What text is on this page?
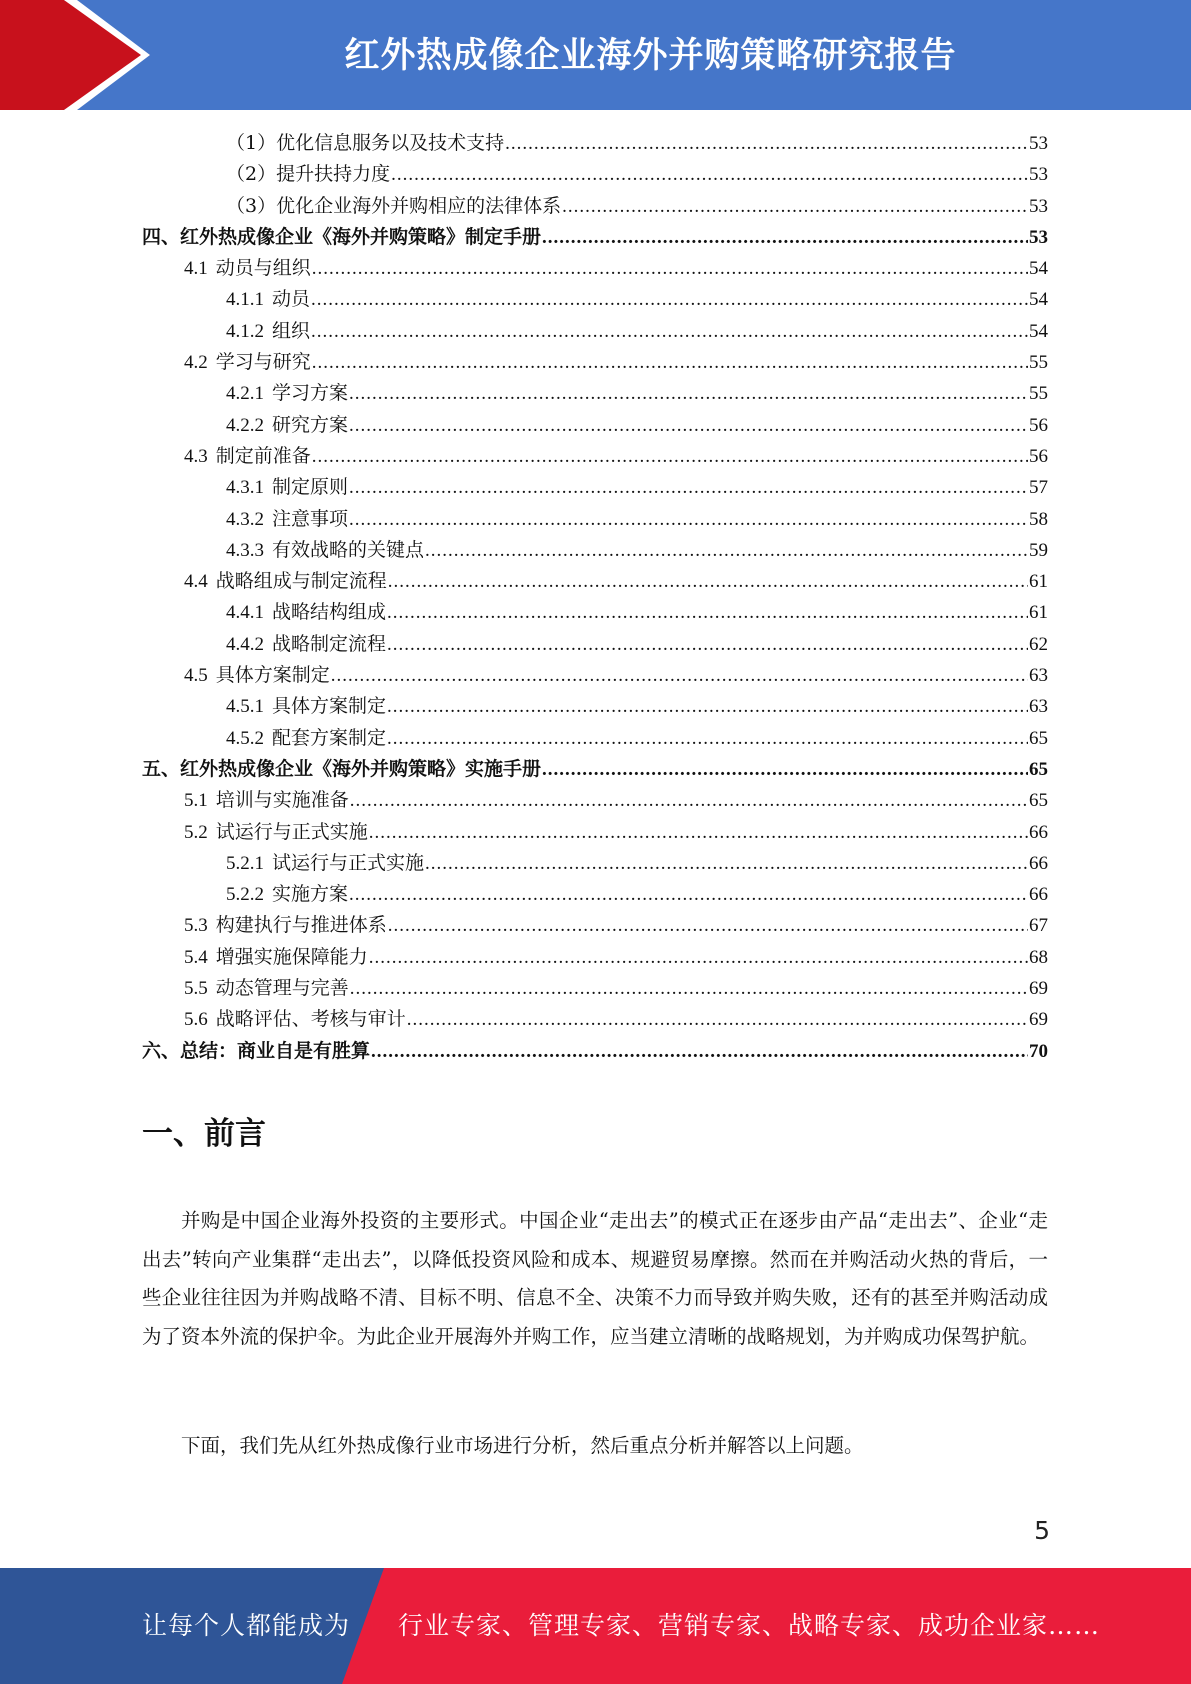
红外热成像企业海外并购策略研究报告
（1）优化信息服务以及技术支持 .....	53
（2）提升扶持力度 .....	53
（3）优化企业海外并购相应的法律体系 .....	53
四、红外热成像企业《海外并购策略》制定手册 .....	53
4.1 动员与组织 .....	54
4.1.1 动员 .....	54
4.1.2 组织 .....	54
4.2 学习与研究 .....	55
4.2.1 学习方案 .....	55
4.2.2 研究方案 .....	56
4.3 制定前准备 .....	56
4.3.1 制定原则 .....	57
4.3.2 注意事项 .....	58
4.3.3 有效战略的关键点 .....	59
4.4 战略组成与制定流程 .....	61
4.4.1 战略结构组成 .....	61
4.4.2 战略制定流程 .....	62
4.5 具体方案制定 .....	63
4.5.1 具体方案制定 .....	63
4.5.2 配套方案制定 .....	65
五、红外热成像企业《海外并购策略》实施手册 .....	65
5.1 培训与实施准备 .....	65
5.2 试运行与正式实施 .....	66
5.2.1 试运行与正式实施 .....	66
5.2.2 实施方案 .....	66
5.3 构建执行与推进体系 .....	67
5.4 增强实施保障能力 .....	68
5.5 动态管理与完善 .....	69
5.6 战略评估、考核与审计 .....	69
六、总结：商业自是有胜算 .....	70
一、前言

并购是中国企业海外投资的主要形式。中国企业“走出去”的模式正在逐步由产品“走出去”、企业“走出去”转向产业集群“走出去”，以降低投资风险和成本、规避贸易摩擦。然而在并购活动火热的背后，一些企业往往因为并购战略不清、目标不明、信息不全、决策不力而导致并购失败，还有的甚至并购活动成为了资本外流的保护伞。为此企业开展海外并购工作，应当建立清晰的战略规划，为并购成功保驾护航。

下面，我们先从红外热成像行业市场进行分析，然后重点分析并解答以上问题。

5
让每个人都能成为 行业专家、管理专家、营销专家、战略专家、成功企业家……
